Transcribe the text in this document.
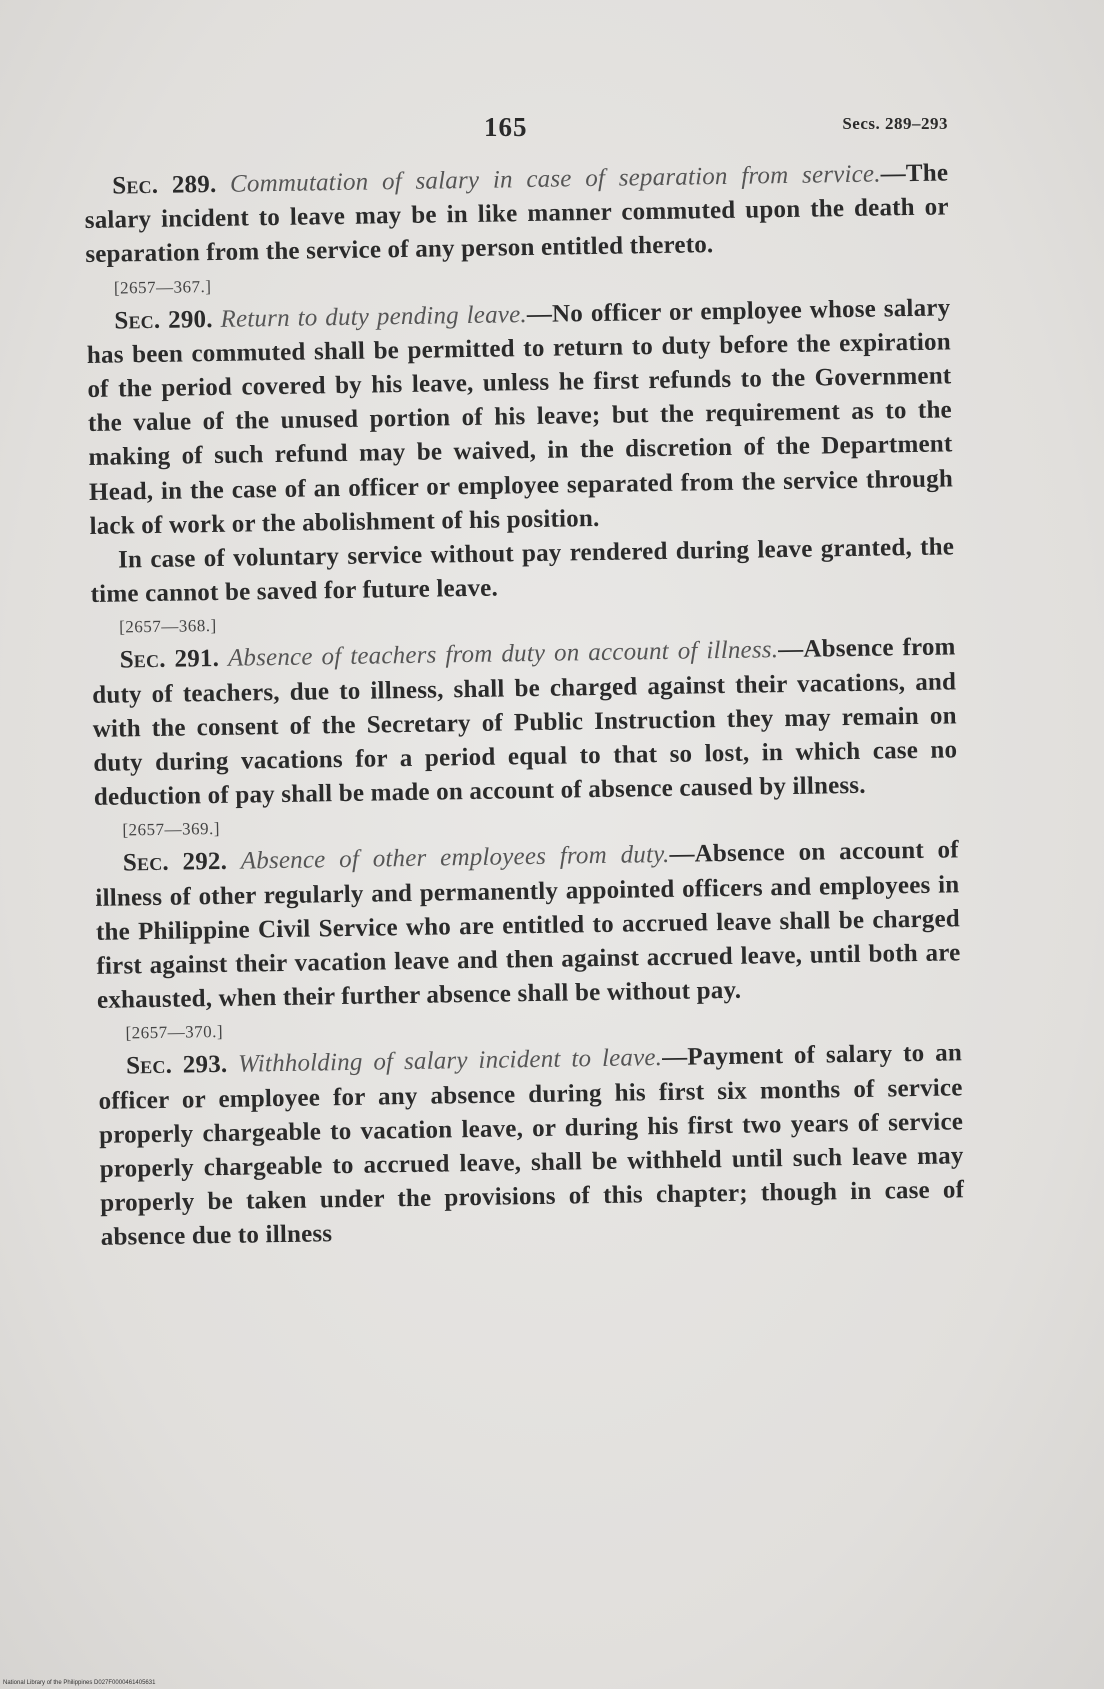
165	Secs. 289–293

Sec. 289. Commutation of salary in case of separation from service.—The salary incident to leave may be in like manner commuted upon the death or separation from the service of any person entitled thereto.

[2657—367.]

Sec. 290. Return to duty pending leave.—No officer or employee whose salary has been commuted shall be permitted to return to duty before the expiration of the period covered by his leave, unless he first refunds to the Government the value of the unused portion of his leave; but the requirement as to the making of such refund may be waived, in the discretion of the Department Head, in the case of an officer or employee separated from the service through lack of work or the abolishment of his position.

In case of voluntary service without pay rendered during leave granted, the time cannot be saved for future leave.

[2657—368.]

Sec. 291. Absence of teachers from duty on account of illness.—Absence from duty of teachers, due to illness, shall be charged against their vacations, and with the consent of the Secretary of Public Instruction they may remain on duty during vacations for a period equal to that so lost, in which case no deduction of pay shall be made on account of absence caused by illness.

[2657—369.]

Sec. 292. Absence of other employees from duty.—Absence on account of illness of other regularly and permanently appointed officers and employees in the Philippine Civil Service who are entitled to accrued leave shall be charged first against their vacation leave and then against accrued leave, until both are exhausted, when their further absence shall be without pay.

[2657—370.]

Sec. 293. Withholding of salary incident to leave.—Payment of salary to an officer or employee for any absence during his first six months of service properly chargeable to vacation leave, or during his first two years of service properly chargeable to accrued leave, shall be withheld until such leave may properly be taken under the provisions of this chapter; though in case of absence due to illness

National Library of the Philippines D027F0000461405631
